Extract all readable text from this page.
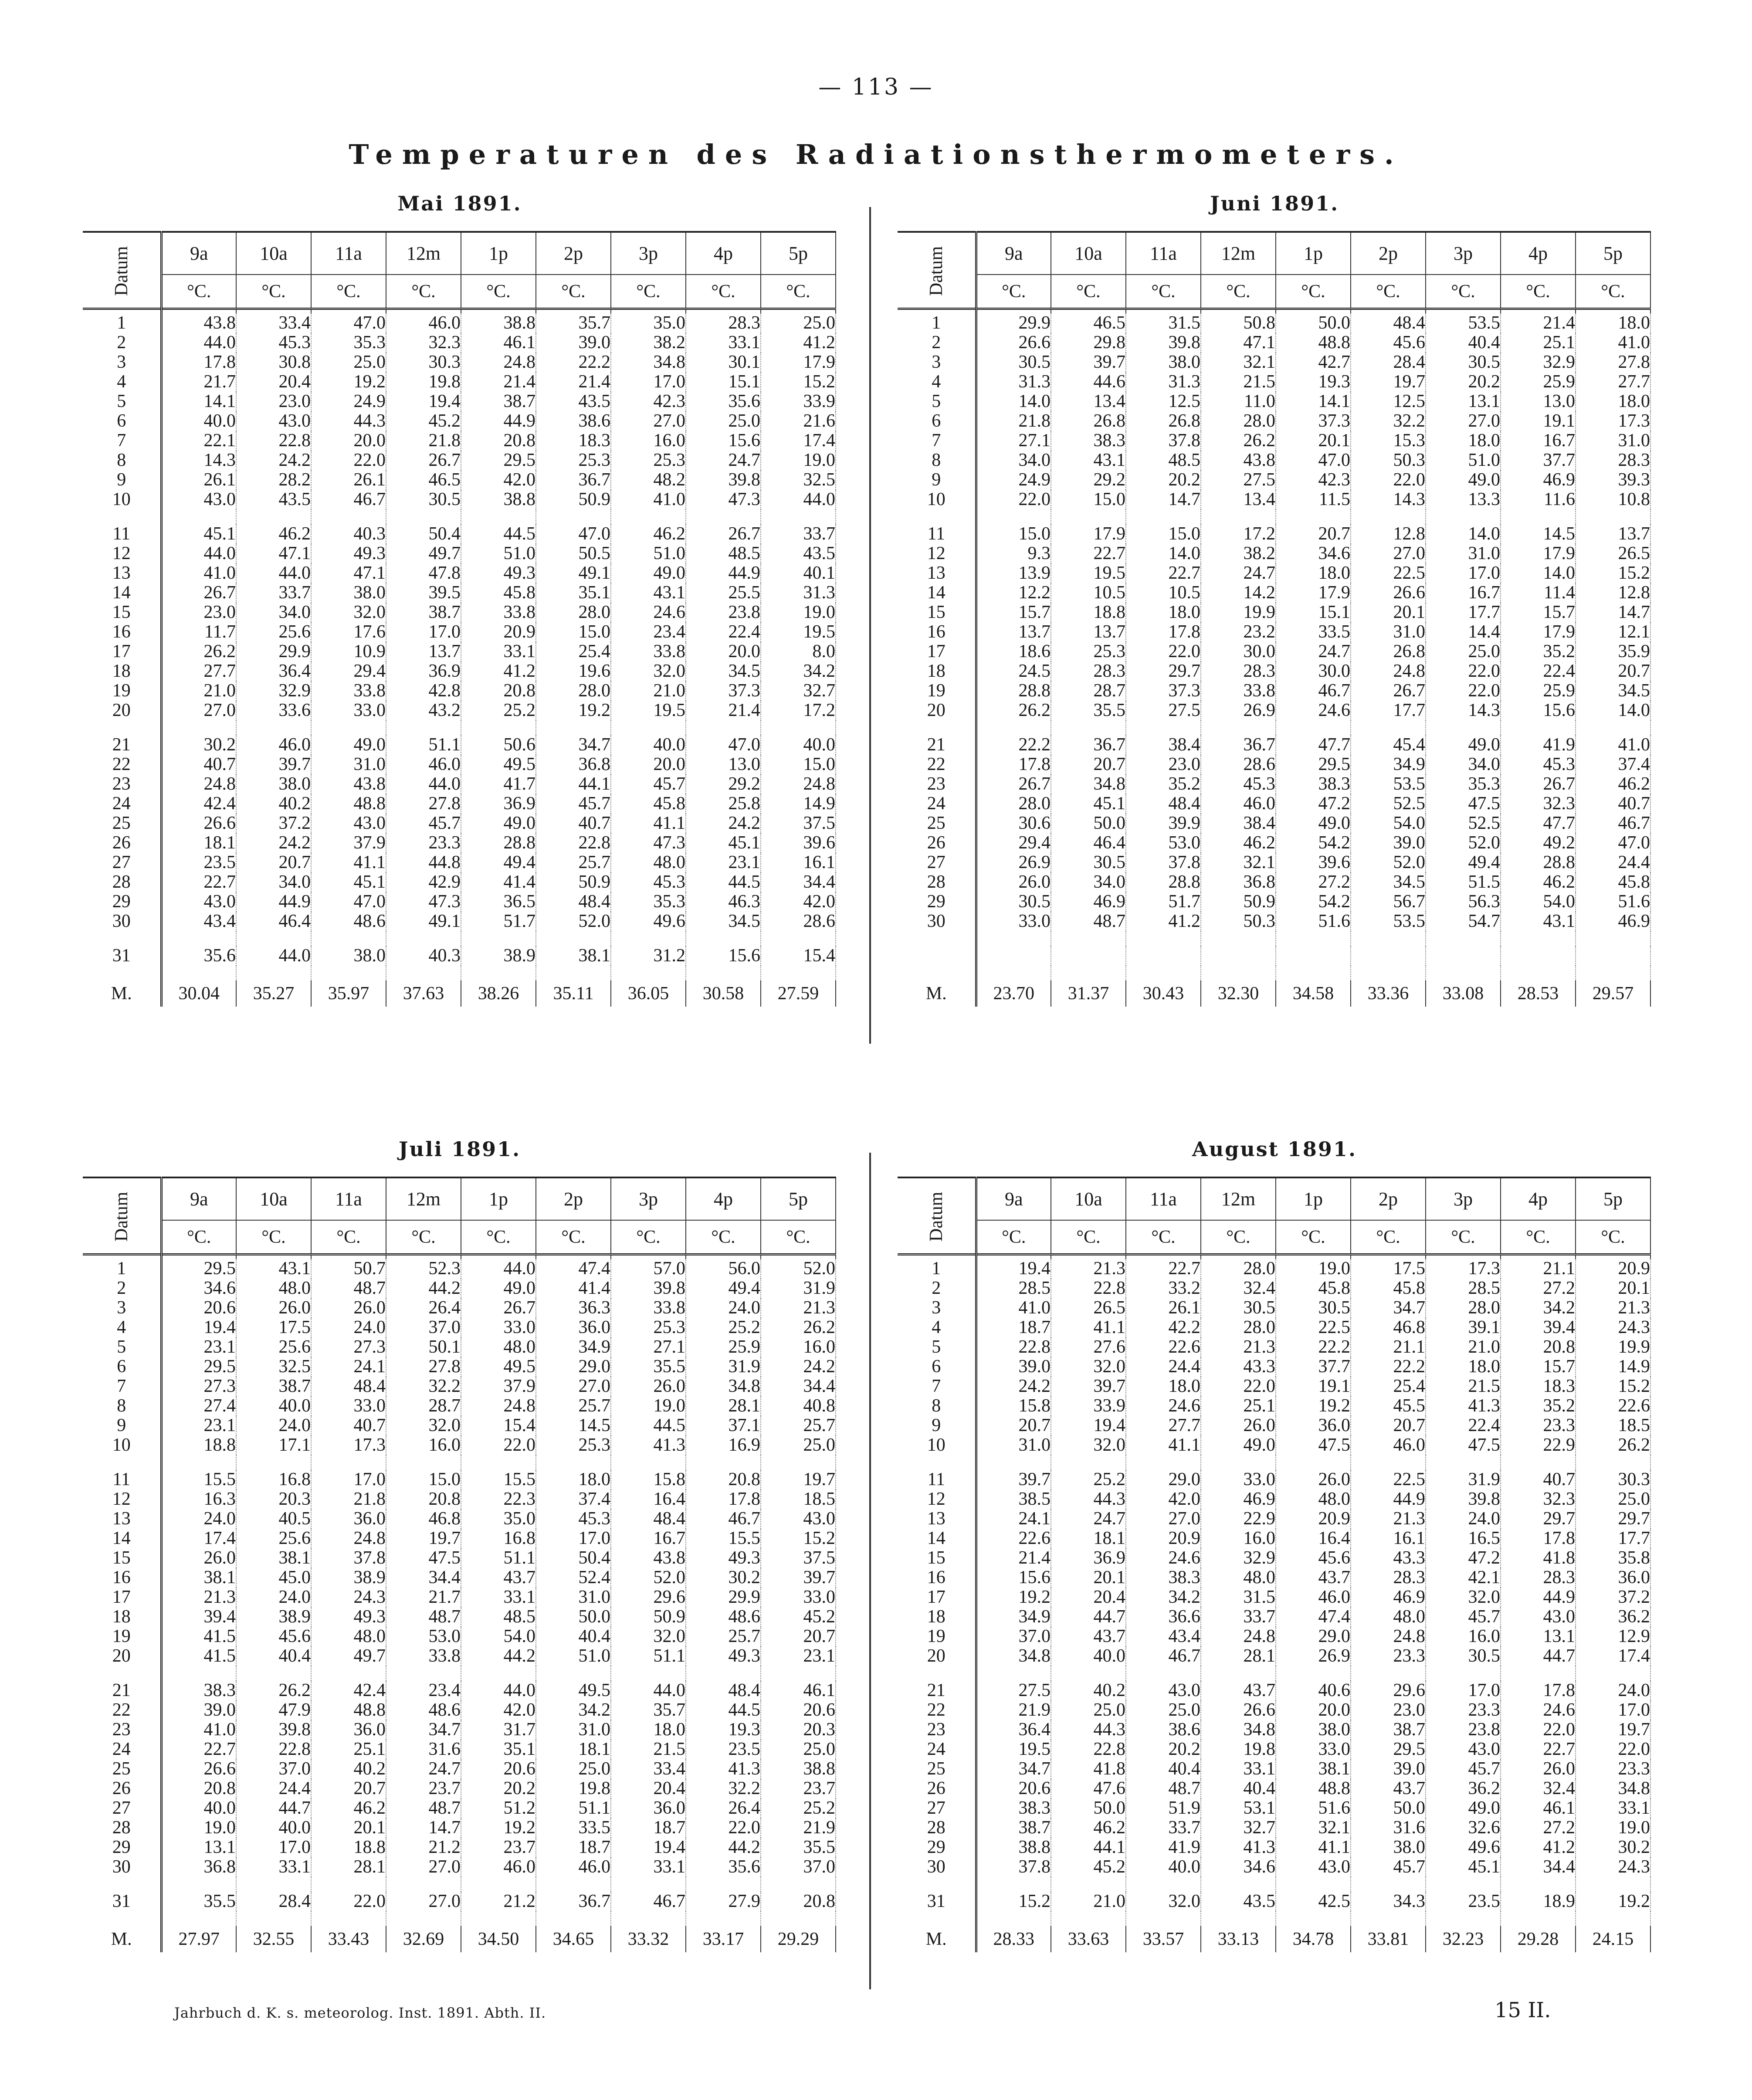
— 113 —
Temperaturen des Radiationsthermometers.
Mai 1891.
Datum	9a	10a	11a	12m	1p	2p	3p	4p	5p
	°C.	°C.	°C.	°C.	°C.	°C.	°C.	°C.	°C.

1	43.8	33.4	47.0	46.0	38.8	35.7	35.0	28.3	25.0
2	44.0	45.3	35.3	32.3	46.1	39.0	38.2	33.1	41.2
3	17.8	30.8	25.0	30.3	24.8	22.2	34.8	30.1	17.9
4	21.7	20.4	19.2	19.8	21.4	21.4	17.0	15.1	15.2
5	14.1	23.0	24.9	19.4	38.7	43.5	42.3	35.6	33.9
6	40.0	43.0	44.3	45.2	44.9	38.6	27.0	25.0	21.6
7	22.1	22.8	20.0	21.8	20.8	18.3	16.0	15.6	17.4
8	14.3	24.2	22.0	26.7	29.5	25.3	25.3	24.7	19.0
9	26.1	28.2	26.1	46.5	42.0	36.7	48.2	39.8	32.5
10	43.0	43.5	46.7	30.5	38.8	50.9	41.0	47.3	44.0

11	45.1	46.2	40.3	50.4	44.5	47.0	46.2	26.7	33.7
12	44.0	47.1	49.3	49.7	51.0	50.5	51.0	48.5	43.5
13	41.0	44.0	47.1	47.8	49.3	49.1	49.0	44.9	40.1
14	26.7	33.7	38.0	39.5	45.8	35.1	43.1	25.5	31.3
15	23.0	34.0	32.0	38.7	33.8	28.0	24.6	23.8	19.0
16	11.7	25.6	17.6	17.0	20.9	15.0	23.4	22.4	19.5
17	26.2	29.9	10.9	13.7	33.1	25.4	33.8	20.0	8.0
18	27.7	36.4	29.4	36.9	41.2	19.6	32.0	34.5	34.2
19	21.0	32.9	33.8	42.8	20.8	28.0	21.0	37.3	32.7
20	27.0	33.6	33.0	43.2	25.2	19.2	19.5	21.4	17.2

21	30.2	46.0	49.0	51.1	50.6	34.7	40.0	47.0	40.0
22	40.7	39.7	31.0	46.0	49.5	36.8	20.0	13.0	15.0
23	24.8	38.0	43.8	44.0	41.7	44.1	45.7	29.2	24.8
24	42.4	40.2	48.8	27.8	36.9	45.7	45.8	25.8	14.9
25	26.6	37.2	43.0	45.7	49.0	40.7	41.1	24.2	37.5
26	18.1	24.2	37.9	23.3	28.8	22.8	47.3	45.1	39.6
27	23.5	20.7	41.1	44.8	49.4	25.7	48.0	23.1	16.1
28	22.7	34.0	45.1	42.9	41.4	50.9	45.3	44.5	34.4
29	43.0	44.9	47.0	47.3	36.5	48.4	35.3	46.3	42.0
30	43.4	46.4	48.6	49.1	51.7	52.0	49.6	34.5	28.6

31	35.6	44.0	38.0	40.3	38.9	38.1	31.2	15.6	15.4

M.	30.04	35.27	35.97	37.63	38.26	35.11	36.05	30.58	27.59
Juni 1891.
Datum	9a	10a	11a	12m	1p	2p	3p	4p	5p
	°C.	°C.	°C.	°C.	°C.	°C.	°C.	°C.	°C.

1	29.9	46.5	31.5	50.8	50.0	48.4	53.5	21.4	18.0
2	26.6	29.8	39.8	47.1	48.8	45.6	40.4	25.1	41.0
3	30.5	39.7	38.0	32.1	42.7	28.4	30.5	32.9	27.8
4	31.3	44.6	31.3	21.5	19.3	19.7	20.2	25.9	27.7
5	14.0	13.4	12.5	11.0	14.1	12.5	13.1	13.0	18.0
6	21.8	26.8	26.8	28.0	37.3	32.2	27.0	19.1	17.3
7	27.1	38.3	37.8	26.2	20.1	15.3	18.0	16.7	31.0
8	34.0	43.1	48.5	43.8	47.0	50.3	51.0	37.7	28.3
9	24.9	29.2	20.2	27.5	42.3	22.0	49.0	46.9	39.3
10	22.0	15.0	14.7	13.4	11.5	14.3	13.3	11.6	10.8

11	15.0	17.9	15.0	17.2	20.7	12.8	14.0	14.5	13.7
12	9.3	22.7	14.0	38.2	34.6	27.0	31.0	17.9	26.5
13	13.9	19.5	22.7	24.7	18.0	22.5	17.0	14.0	15.2
14	12.2	10.5	10.5	14.2	17.9	26.6	16.7	11.4	12.8
15	15.7	18.8	18.0	19.9	15.1	20.1	17.7	15.7	14.7
16	13.7	13.7	17.8	23.2	33.5	31.0	14.4	17.9	12.1
17	18.6	25.3	22.0	30.0	24.7	26.8	25.0	35.2	35.9
18	24.5	28.3	29.7	28.3	30.0	24.8	22.0	22.4	20.7
19	28.8	28.7	37.3	33.8	46.7	26.7	22.0	25.9	34.5
20	26.2	35.5	27.5	26.9	24.6	17.7	14.3	15.6	14.0

21	22.2	36.7	38.4	36.7	47.7	45.4	49.0	41.9	41.0
22	17.8	20.7	23.0	28.6	29.5	34.9	34.0	45.3	37.4
23	26.7	34.8	35.2	45.3	38.3	53.5	35.3	26.7	46.2
24	28.0	45.1	48.4	46.0	47.2	52.5	47.5	32.3	40.7
25	30.6	50.0	39.9	38.4	49.0	54.0	52.5	47.7	46.7
26	29.4	46.4	53.0	46.2	54.2	39.0	52.0	49.2	47.0
27	26.9	30.5	37.8	32.1	39.6	52.0	49.4	28.8	24.4
28	26.0	34.0	28.8	36.8	27.2	34.5	51.5	46.2	45.8
29	30.5	46.9	51.7	50.9	54.2	56.7	56.3	54.0	51.6
30	33.0	48.7	41.2	50.3	51.6	53.5	54.7	43.1	46.9

M.	23.70	31.37	30.43	32.30	34.58	33.36	33.08	28.53	29.57
Juli 1891.
Datum	9a	10a	11a	12m	1p	2p	3p	4p	5p
	°C.	°C.	°C.	°C.	°C.	°C.	°C.	°C.	°C.

1	29.5	43.1	50.7	52.3	44.0	47.4	57.0	56.0	52.0
2	34.6	48.0	48.7	44.2	49.0	41.4	39.8	49.4	31.9
3	20.6	26.0	26.0	26.4	26.7	36.3	33.8	24.0	21.3
4	19.4	17.5	24.0	37.0	33.0	36.0	25.3	25.2	26.2
5	23.1	25.6	27.3	50.1	48.0	34.9	27.1	25.9	16.0
6	29.5	32.5	24.1	27.8	49.5	29.0	35.5	31.9	24.2
7	27.3	38.7	48.4	32.2	37.9	27.0	26.0	34.8	34.4
8	27.4	40.0	33.0	28.7	24.8	25.7	19.0	28.1	40.8
9	23.1	24.0	40.7	32.0	15.4	14.5	44.5	37.1	25.7
10	18.8	17.1	17.3	16.0	22.0	25.3	41.3	16.9	25.0

11	15.5	16.8	17.0	15.0	15.5	18.0	15.8	20.8	19.7
12	16.3	20.3	21.8	20.8	22.3	37.4	16.4	17.8	18.5
13	24.0	40.5	36.0	46.8	35.0	45.3	48.4	46.7	43.0
14	17.4	25.6	24.8	19.7	16.8	17.0	16.7	15.5	15.2
15	26.0	38.1	37.8	47.5	51.1	50.4	43.8	49.3	37.5
16	38.1	45.0	38.9	34.4	43.7	52.4	52.0	30.2	39.7
17	21.3	24.0	24.3	21.7	33.1	31.0	29.6	29.9	33.0
18	39.4	38.9	49.3	48.7	48.5	50.0	50.9	48.6	45.2
19	41.5	45.6	48.0	53.0	54.0	40.4	32.0	25.7	20.7
20	41.5	40.4	49.7	33.8	44.2	51.0	51.1	49.3	23.1

21	38.3	26.2	42.4	23.4	44.0	49.5	44.0	48.4	46.1
22	39.0	47.9	48.8	48.6	42.0	34.2	35.7	44.5	20.6
23	41.0	39.8	36.0	34.7	31.7	31.0	18.0	19.3	20.3
24	22.7	22.8	25.1	31.6	35.1	18.1	21.5	23.5	25.0
25	26.6	37.0	40.2	24.7	20.6	25.0	33.4	41.3	38.8
26	20.8	24.4	20.7	23.7	20.2	19.8	20.4	32.2	23.7
27	40.0	44.7	46.2	48.7	51.2	51.1	36.0	26.4	25.2
28	19.0	40.0	20.1	14.7	19.2	33.5	18.7	22.0	21.9
29	13.1	17.0	18.8	21.2	23.7	18.7	19.4	44.2	35.5
30	36.8	33.1	28.1	27.0	46.0	46.0	33.1	35.6	37.0

31	35.5	28.4	22.0	27.0	21.2	36.7	46.7	27.9	20.8

M.	27.97	32.55	33.43	32.69	34.50	34.65	33.32	33.17	29.29
August 1891.
Datum	9a	10a	11a	12m	1p	2p	3p	4p	5p
	°C.	°C.	°C.	°C.	°C.	°C.	°C.	°C.	°C.

1	19.4	21.3	22.7	28.0	19.0	17.5	17.3	21.1	20.9
2	28.5	22.8	33.2	32.4	45.8	45.8	28.5	27.2	20.1
3	41.0	26.5	26.1	30.5	30.5	34.7	28.0	34.2	21.3
4	18.7	41.1	42.2	28.0	22.5	46.8	39.1	39.4	24.3
5	22.8	27.6	22.6	21.3	22.2	21.1	21.0	20.8	19.9
6	39.0	32.0	24.4	43.3	37.7	22.2	18.0	15.7	14.9
7	24.2	39.7	18.0	22.0	19.1	25.4	21.5	18.3	15.2
8	15.8	33.9	24.6	25.1	19.2	45.5	41.3	35.2	22.6
9	20.7	19.4	27.7	26.0	36.0	20.7	22.4	23.3	18.5
10	31.0	32.0	41.1	49.0	47.5	46.0	47.5	22.9	26.2

11	39.7	25.2	29.0	33.0	26.0	22.5	31.9	40.7	30.3
12	38.5	44.3	42.0	46.9	48.0	44.9	39.8	32.3	25.0
13	24.1	24.7	27.0	22.9	20.9	21.3	24.0	29.7	29.7
14	22.6	18.1	20.9	16.0	16.4	16.1	16.5	17.8	17.7
15	21.4	36.9	24.6	32.9	45.6	43.3	47.2	41.8	35.8
16	15.6	20.1	38.3	48.0	43.7	28.3	42.1	28.3	36.0
17	19.2	20.4	34.2	31.5	46.0	46.9	32.0	44.9	37.2
18	34.9	44.7	36.6	33.7	47.4	48.0	45.7	43.0	36.2
19	37.0	43.7	43.4	24.8	29.0	24.8	16.0	13.1	12.9
20	34.8	40.0	46.7	28.1	26.9	23.3	30.5	44.7	17.4

21	27.5	40.2	43.0	43.7	40.6	29.6	17.0	17.8	24.0
22	21.9	25.0	25.0	26.6	20.0	23.0	23.3	24.6	17.0
23	36.4	44.3	38.6	34.8	38.0	38.7	23.8	22.0	19.7
24	19.5	22.8	20.2	19.8	33.0	29.5	43.0	22.7	22.0
25	34.7	41.8	40.4	33.1	38.1	39.0	45.7	26.0	23.3
26	20.6	47.6	48.7	40.4	48.8	43.7	36.2	32.4	34.8
27	38.3	50.0	51.9	53.1	51.6	50.0	49.0	46.1	33.1
28	38.7	46.2	33.7	32.7	32.1	31.6	32.6	27.2	19.0
29	38.8	44.1	41.9	41.3	41.1	38.0	49.6	41.2	30.2
30	37.8	45.2	40.0	34.6	43.0	45.7	45.1	34.4	24.3

31	15.2	21.0	32.0	43.5	42.5	34.3	23.5	18.9	19.2

M.	28.33	33.63	33.57	33.13	34.78	33.81	32.23	29.28	24.15
Jahrbuch d. K. s. meteorolog. Inst. 1891. Abth. II.	15 II.
